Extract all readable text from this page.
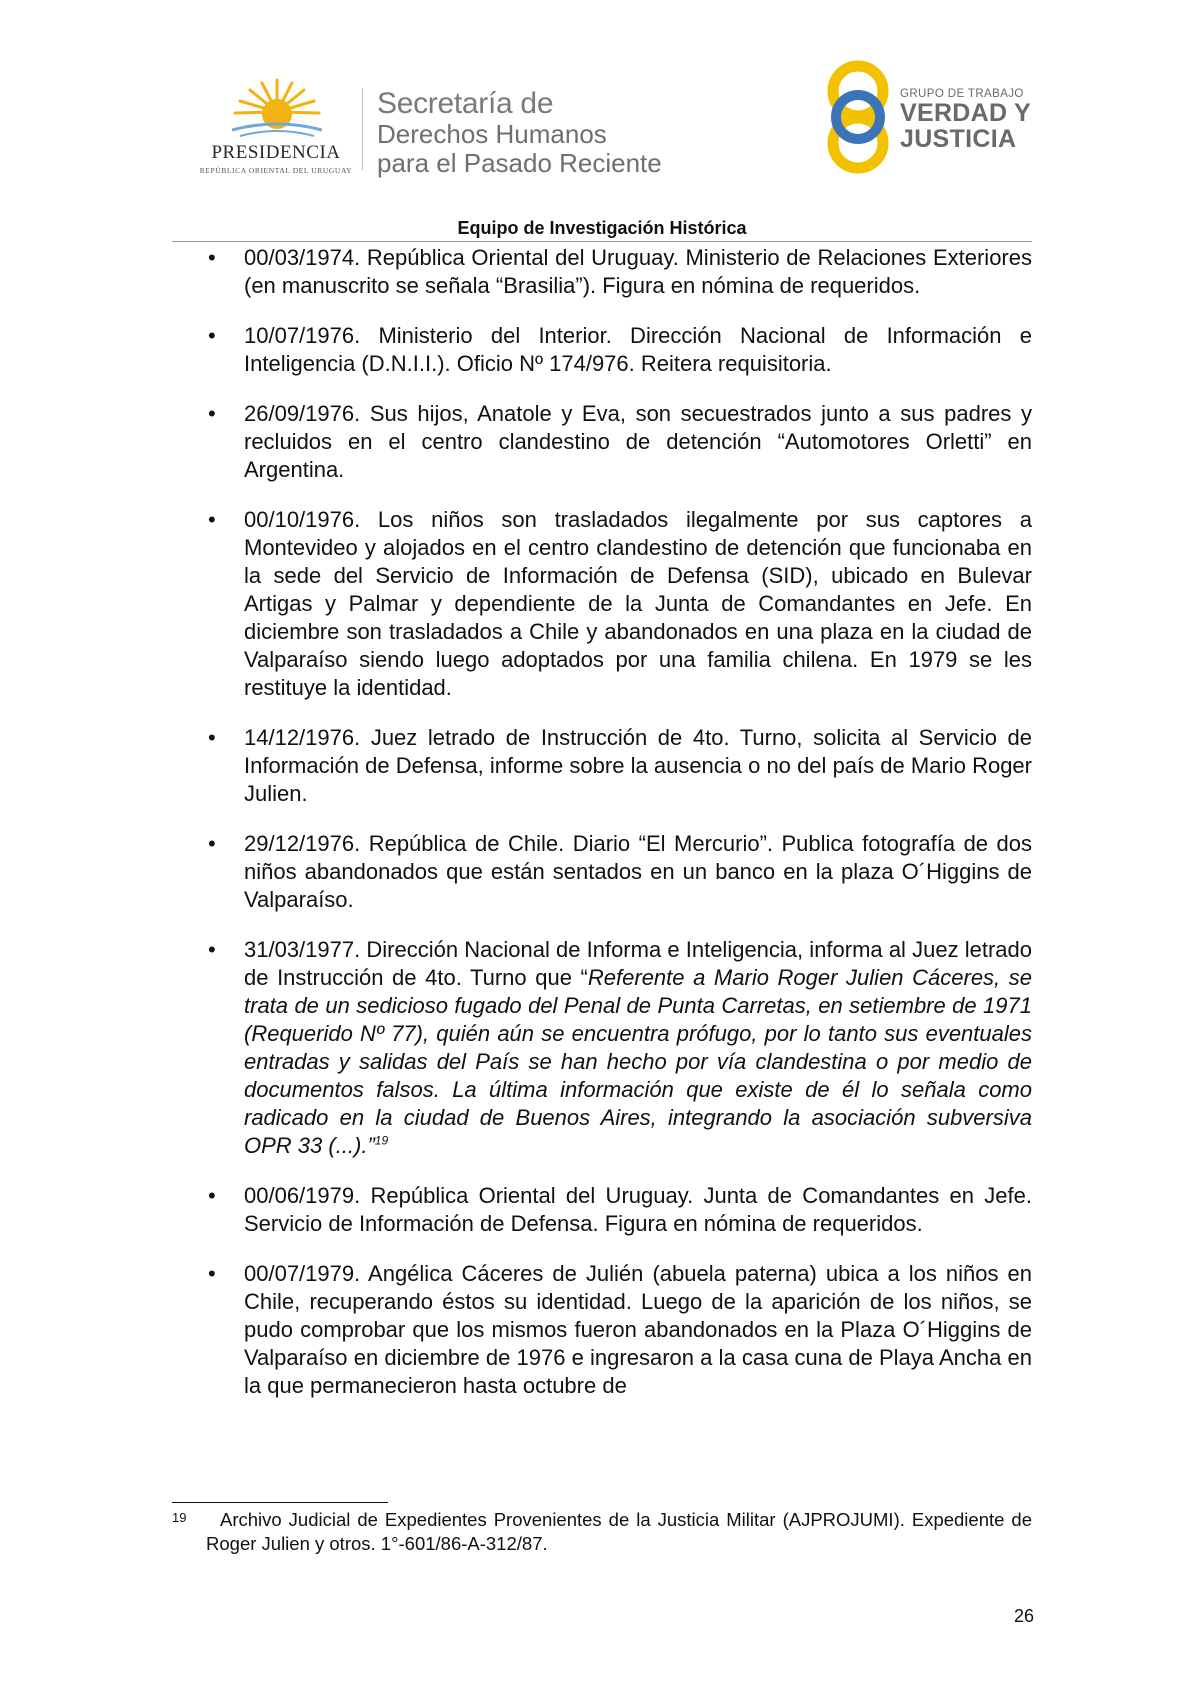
PRESIDENCIA
REPÚBLICA ORIENTAL DEL URUGUAY
Secretaría de
Derechos Humanos
para el Pasado Reciente
GRUPO DE TRABAJO
VERDAD Y
JUSTICIA
Equipo de Investigación Histórica
• 00/03/1974. República Oriental del Uruguay. Ministerio de Relaciones Exteriores (en manuscrito se señala “Brasilia”). Figura en nómina de requeridos.
• 10/07/1976. Ministerio del Interior. Dirección Nacional de Información e Inteligencia (D.N.I.I.). Oficio Nº 174/976. Reitera requisitoria.
• 26/09/1976. Sus hijos, Anatole y Eva, son secuestrados junto a sus padres y recluidos en el centro clandestino de detención “Automotores Orletti” en Argentina.
• 00/10/1976. Los niños son trasladados ilegalmente por sus captores a Montevideo y alojados en el centro clandestino de detención que funcionaba en la sede del Servicio de Información de Defensa (SID), ubicado en Bulevar Artigas y Palmar y dependiente de la Junta de Comandantes en Jefe. En diciembre son trasladados a Chile y abandonados en una plaza en la ciudad de Valparaíso siendo luego adoptados por una familia chilena. En 1979 se les restituye la identidad.
• 14/12/1976. Juez letrado de Instrucción de 4to. Turno, solicita al Servicio de Información de Defensa, informe sobre la ausencia o no del país de Mario Roger Julien.
• 29/12/1976. República de Chile. Diario “El Mercurio”. Publica fotografía de dos niños abandonados que están sentados en un banco en la plaza O´Higgins de Valparaíso.
• 31/03/1977. Dirección Nacional de Informa e Inteligencia, informa al Juez letrado de Instrucción de 4to. Turno que “Referente a Mario Roger Julien Cáceres, se trata de un sedicioso fugado del Penal de Punta Carretas, en setiembre de 1971 (Requerido Nº 77), quién aún se encuentra prófugo, por lo tanto sus eventuales entradas y salidas del País se han hecho por vía clandestina o por medio de documentos falsos. La última información que existe de él lo señala como radicado en la ciudad de Buenos Aires, integrando la asociación subversiva OPR 33 (...).”$^{19}$
• 00/06/1979. República Oriental del Uruguay. Junta de Comandantes en Jefe. Servicio de Información de Defensa. Figura en nómina de requeridos.
• 00/07/1979. Angélica Cáceres de Julién (abuela paterna) ubica a los niños en Chile, recuperando éstos su identidad. Luego de la aparición de los niños, se pudo comprobar que los mismos fueron abandonados en la Plaza O´Higgins de Valparaíso en diciembre de 1976 e ingresaron a la casa cuna de Playa Ancha en la que permanecieron hasta octubre de
19	Archivo Judicial de Expedientes Provenientes de la Justicia Militar (AJPROJUMI). Expediente de Roger Julien y otros. 1°-601/86-A-312/87.
26
